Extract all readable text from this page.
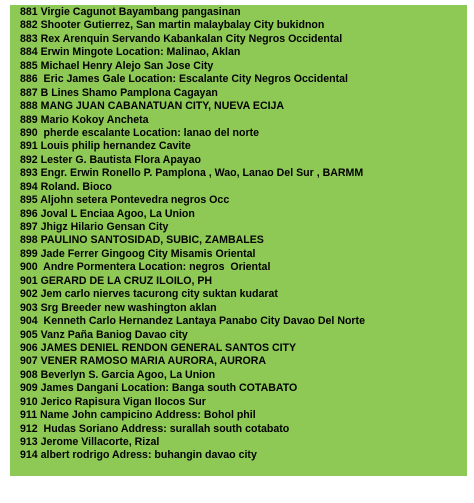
881 Virgie Cagunot Bayambang pangasinan
882 Shooter Gutierrez, San martin malaybalay City bukidnon
883 Rex Arenquin Servando Kabankalan City Negros Occidental
884 Erwin Mingote Location: Malinao, Aklan
885 Michael Henry Alejo San Jose City
886  Eric James Gale Location: Escalante City Negros Occidental
887 B Lines Shamo Pamplona Cagayan
888 MANG JUAN CABANATUAN CITY, NUEVA ECIJA
889 Mario Kokoy Ancheta
890  pherde escalante Location: lanao del norte
891 Louis philip hernandez Cavite
892 Lester G. Bautista Flora Apayao
893 Engr. Erwin Ronello P. Pamplona , Wao, Lanao Del Sur , BARMM
894 Roland. Bioco
895 Aljohn setera Pontevedra negros Occ
896 Joval L Enciaa Agoo, La Union
897 Jhigz Hilario Gensan City
898 PAULINO SANTOSIDAD, SUBIC, ZAMBALES
899 Jade Ferrer Gingoog City Misamis Oriental
900  Andre Pormentera Location: negros  Oriental
901 GERARD DE LA CRUZ ILOILO, PH
902 Jem carlo nierves tacurong city suktan kudarat
903 Srg Breeder new washington aklan
904  Kenneth Carlo Hernandez Lantaya Panabo City Davao Del Norte
905 Vanz Paña Baniog Davao city
906 JAMES DENIEL RENDON GENERAL SANTOS CITY
907 VENER RAMOSO MARIA AURORA, AURORA
908 Beverlyn S. Garcia Agoo, La Union
909 James Dangani Location: Banga south COTABATO
910 Jerico Rapisura Vigan Ilocos Sur
911 Name John campicino Address: Bohol phil
912  Hudas Soriano Address: surallah south cotabato
913 Jerome Villacorte, Rizal
914 albert rodrigo Adress: buhangin davao city
